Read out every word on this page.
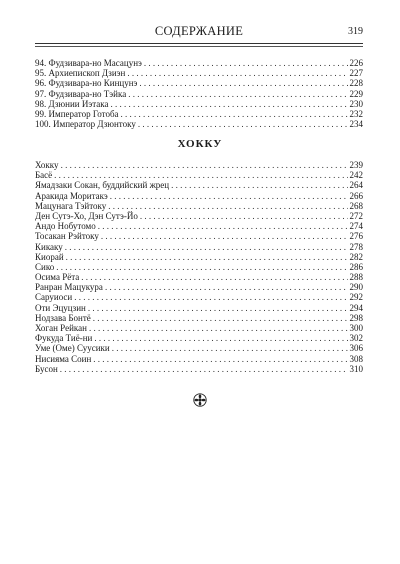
СОДЕРЖАНИЕ	319
94. Фудзивара-но Масацунэ . . .	226
95. Архиепископ Дзиэн . . .	227
96. Фудзивара-но Кинцунэ . . .	228
97. Фудзивара-но Тэйка . . .	229
98. Дзюнии Иэтака . . .	230
99. Император Готоба . . .	232
100. Император Дзюнтоку . . .	234
ХОККУ
Хокку . . .	239
Басё . . .	242
Ямадзаки Сокан, буддийский жрец . . .	264
Аракида Моритакэ . . .	266
Мацунага Тэйтоку . . .	268
Ден Сутэ-Хо, Дэн Сутэ-Йо . . .	272
Андо Нобутомо . . .	274
Тосакан Рэйтоку . . .	276
Кикаку . . .	278
Киорай . . .	282
Сико . . .	286
Осима Рёта . . .	288
Ранран Мацукура . . .	290
Саруиоси . . .	292
Оти Эцуцзин . . .	294
Нодзава Бонтё . . .	298
Хоган Рейкан . . .	300
Фукуда Тиё-ни . . .	302
Уме (Оме) Суусики . . .	306
Нисияма Соин . . .	308
Бусон . . .	310
